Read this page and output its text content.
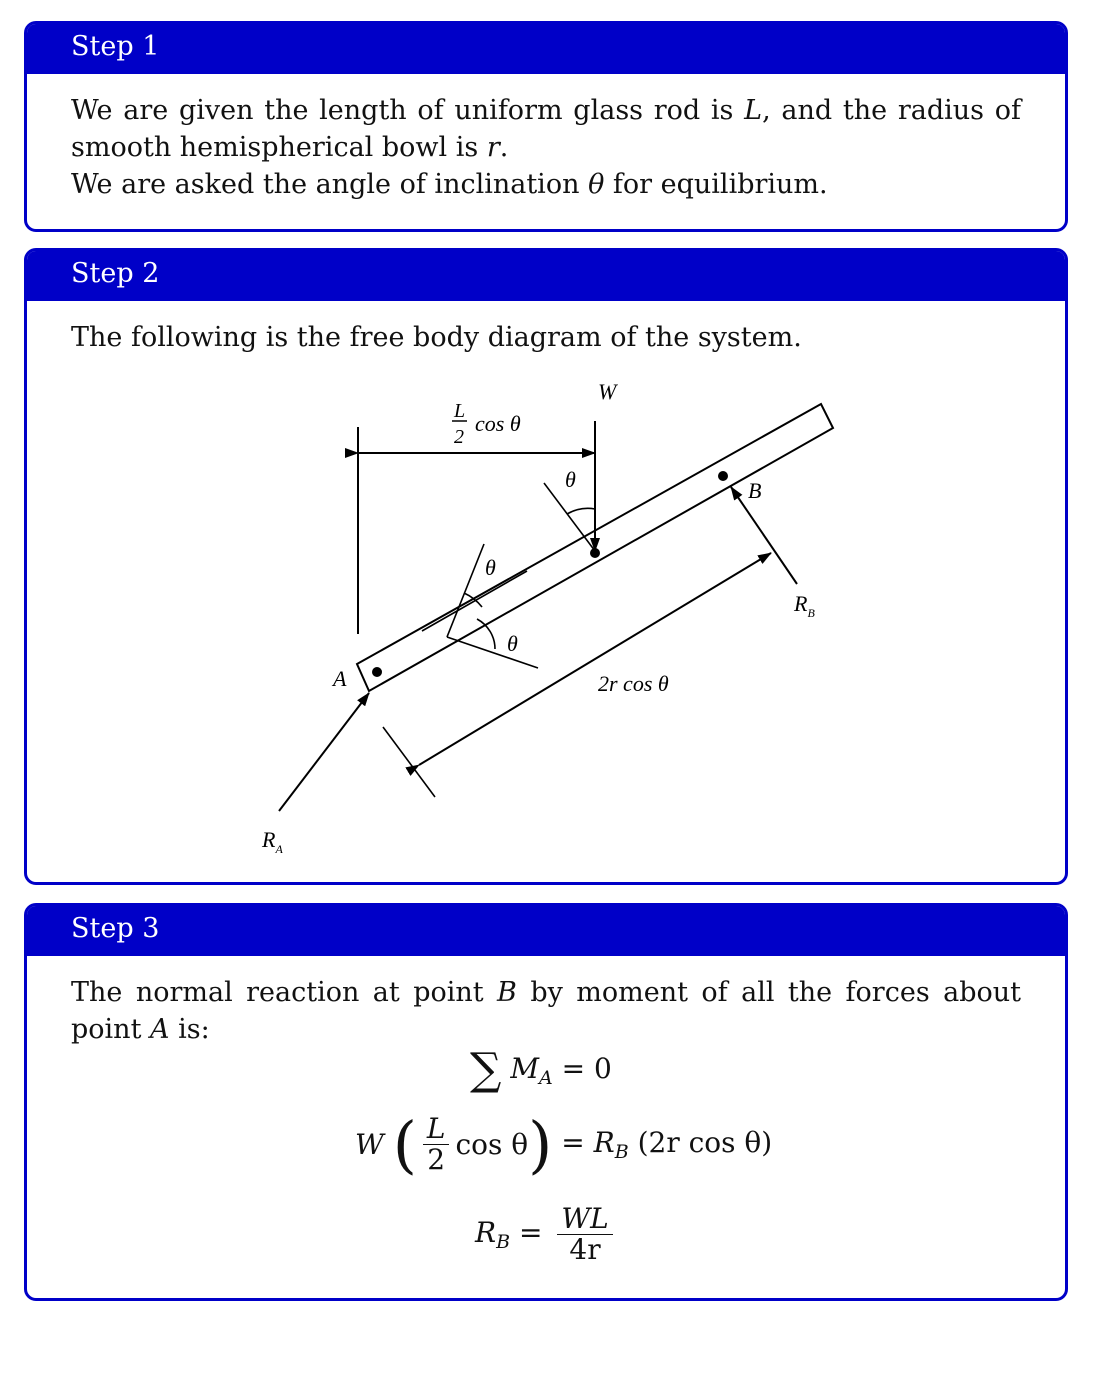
Step 1
We are given the length of uniform glass rod is L, and the radius of smooth hemispherical bowl is r.
We are asked the angle of inclination θ for equilibrium.
Step 2
The following is the free body diagram of the system.
W
L
2
cos θ
θ
θ
θ
B
A
$R_B$
$R_A$
2r cos θ
Step 3
The normal reaction at point B by moment of all the forces about point A is:
∑ $M_A = 0$
W ( $\frac{L}{2}$ $\cos \theta) = R_B$ (2r cos θ)
$R_B = \frac{WL}{4r}$
